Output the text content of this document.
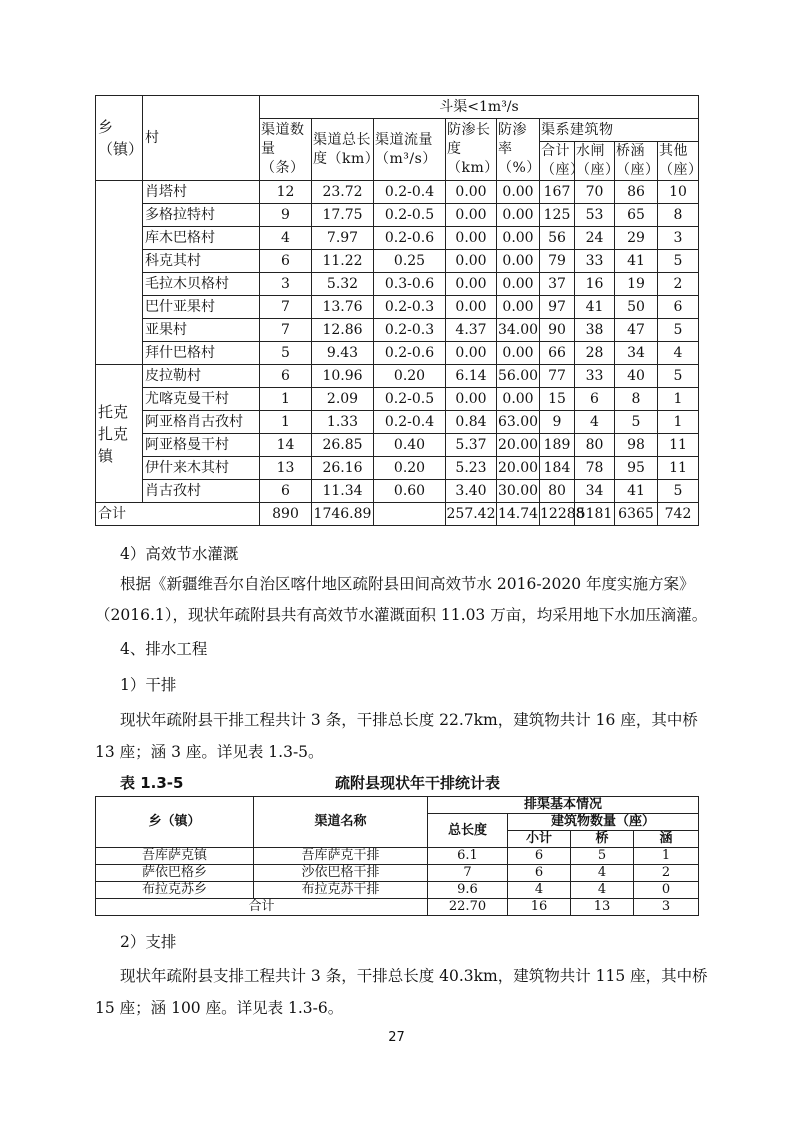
乡（镇）	村	斗渠<1m³/s								
		渠道数量（条）	渠道总长度（km）	渠道流量（m³/s）	防渗长度（km）	防渗率（%）	渠系建筑物			
							合计（座）	水闸（座）	桥涵（座）	其他（座）
	肖塔村	12	23.72	0.2-0.4	0.00	0.00	167	70	86	10
	多格拉特村	9	17.75	0.2-0.5	0.00	0.00	125	53	65	8
	库木巴格村	4	7.97	0.2-0.6	0.00	0.00	56	24	29	3
	科克其村	6	11.22	0.25	0.00	0.00	79	33	41	5
	毛拉木贝格村	3	5.32	0.3-0.6	0.00	0.00	37	16	19	2
	巴什亚果村	7	13.76	0.2-0.3	0.00	0.00	97	41	50	6
	亚果村	7	12.86	0.2-0.3	4.37	34.00	90	38	47	5
	拜什巴格村	5	9.43	0.2-0.6	0.00	0.00	66	28	34	4
托克扎克镇	皮拉勒村	6	10.96	0.20	6.14	56.00	77	33	40	5
	尤喀克曼干村	1	2.09	0.2-0.5	0.00	0.00	15	6	8	1
	阿亚格肖古孜村	1	1.33	0.2-0.4	0.84	63.00	9	4	5	1
	阿亚格曼干村	14	26.85	0.40	5.37	20.00	189	80	98	11
	伊什来木其村	13	26.16	0.20	5.23	20.00	184	78	95	11
	肖古孜村	6	11.34	0.60	3.40	30.00	80	34	41	5
合计		890	1746.89		257.42	14.74	12288	5181	6365	742
4）高效节水灌溉
根据《新疆维吾尔自治区喀什地区疏附县田间高效节水 2016-2020 年度实施方案》
（2016.1），现状年疏附县共有高效节水灌溉面积 11.03 万亩，均采用地下水加压滴灌。
4、排水工程
1）干排
现状年疏附县干排工程共计 3 条，干排总长度 22.7km，建筑物共计 16 座，其中桥
13 座；涵 3 座。详见表 1.3-5。
表 1.3-5	疏附县现状年干排统计表
乡（镇）	渠道名称	排渠基本情况			
		总长度	建筑物数量（座）		
			小计	桥	涵
吾库萨克镇	吾库萨克干排	6.1	6	5	1
萨依巴格乡	沙依巴格干排	7	6	4	2
布拉克苏乡	布拉克苏干排	9.6	4	4	0
合计		22.70	16	13	3
2）支排
现状年疏附县支排工程共计 3 条，干排总长度 40.3km，建筑物共计 115 座，其中桥
15 座；涵 100 座。详见表 1.3-6。
27
